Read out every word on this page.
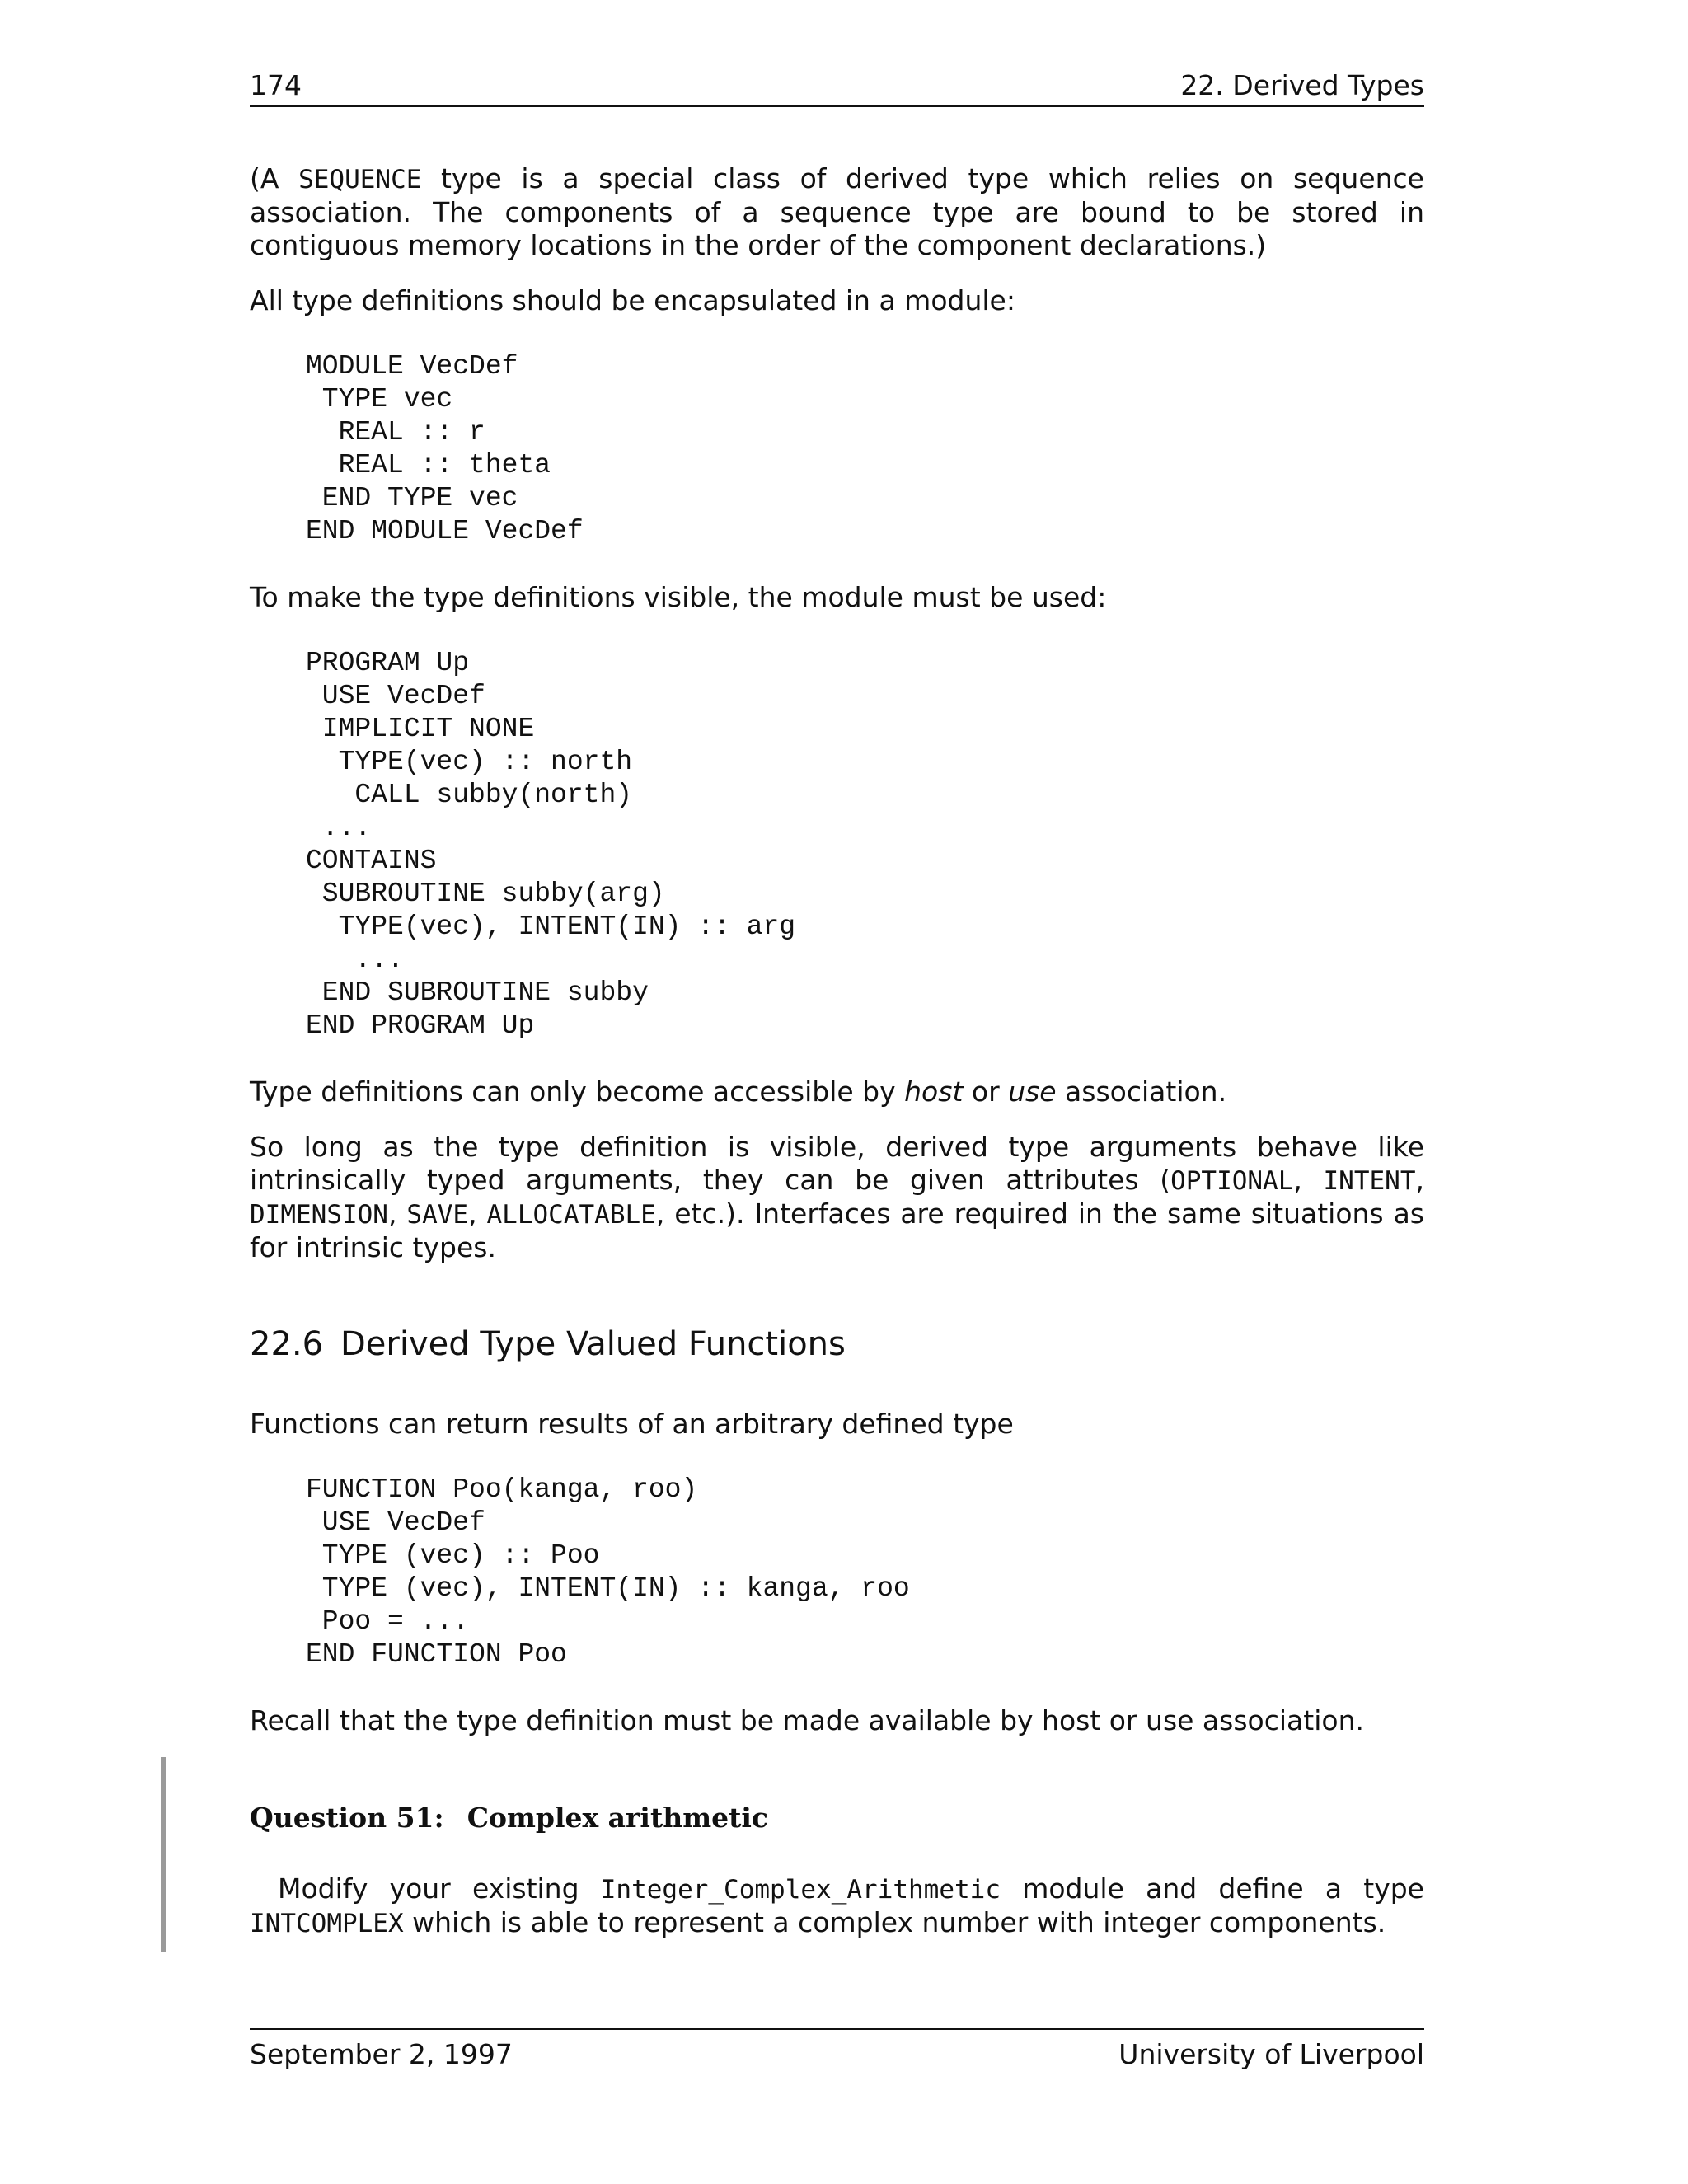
174	22. Derived Types

(A SEQUENCE type is a special class of derived type which relies on sequence association. The components of a sequence type are bound to be stored in contiguous memory locations in the order of the component declarations.)

All type definitions should be encapsulated in a module:

MODULE VecDef
TYPE vec
REAL :: r
REAL :: theta
END TYPE vec
END MODULE VecDef

To make the type definitions visible, the module must be used:

PROGRAM Up
USE VecDef
IMPLICIT NONE
TYPE(vec) :: north
CALL subby(north)
...
CONTAINS
SUBROUTINE subby(arg)
TYPE(vec), INTENT(IN) :: arg
...
END SUBROUTINE subby
END PROGRAM Up

Type definitions can only become accessible by host or use association.

So long as the type definition is visible, derived type arguments behave like intrinsically typed arguments, they can be given attributes (OPTIONAL, INTENT, DIMENSION, SAVE, ALLOCATABLE, etc.). Interfaces are required in the same situations as for intrinsic types.

22.6 Derived Type Valued Functions

Functions can return results of an arbitrary defined type

FUNCTION Poo(kanga, roo)
USE VecDef
TYPE (vec) :: Poo
TYPE (vec), INTENT(IN) :: kanga, roo
Poo = ...
END FUNCTION Poo

Recall that the type definition must be made available by host or use association.

Question 51: Complex arithmetic

Modify your existing Integer_Complex_Arithmetic module and define a type INTCOMPLEX which is able to represent a complex number with integer components.

September 2, 1997	University of Liverpool
